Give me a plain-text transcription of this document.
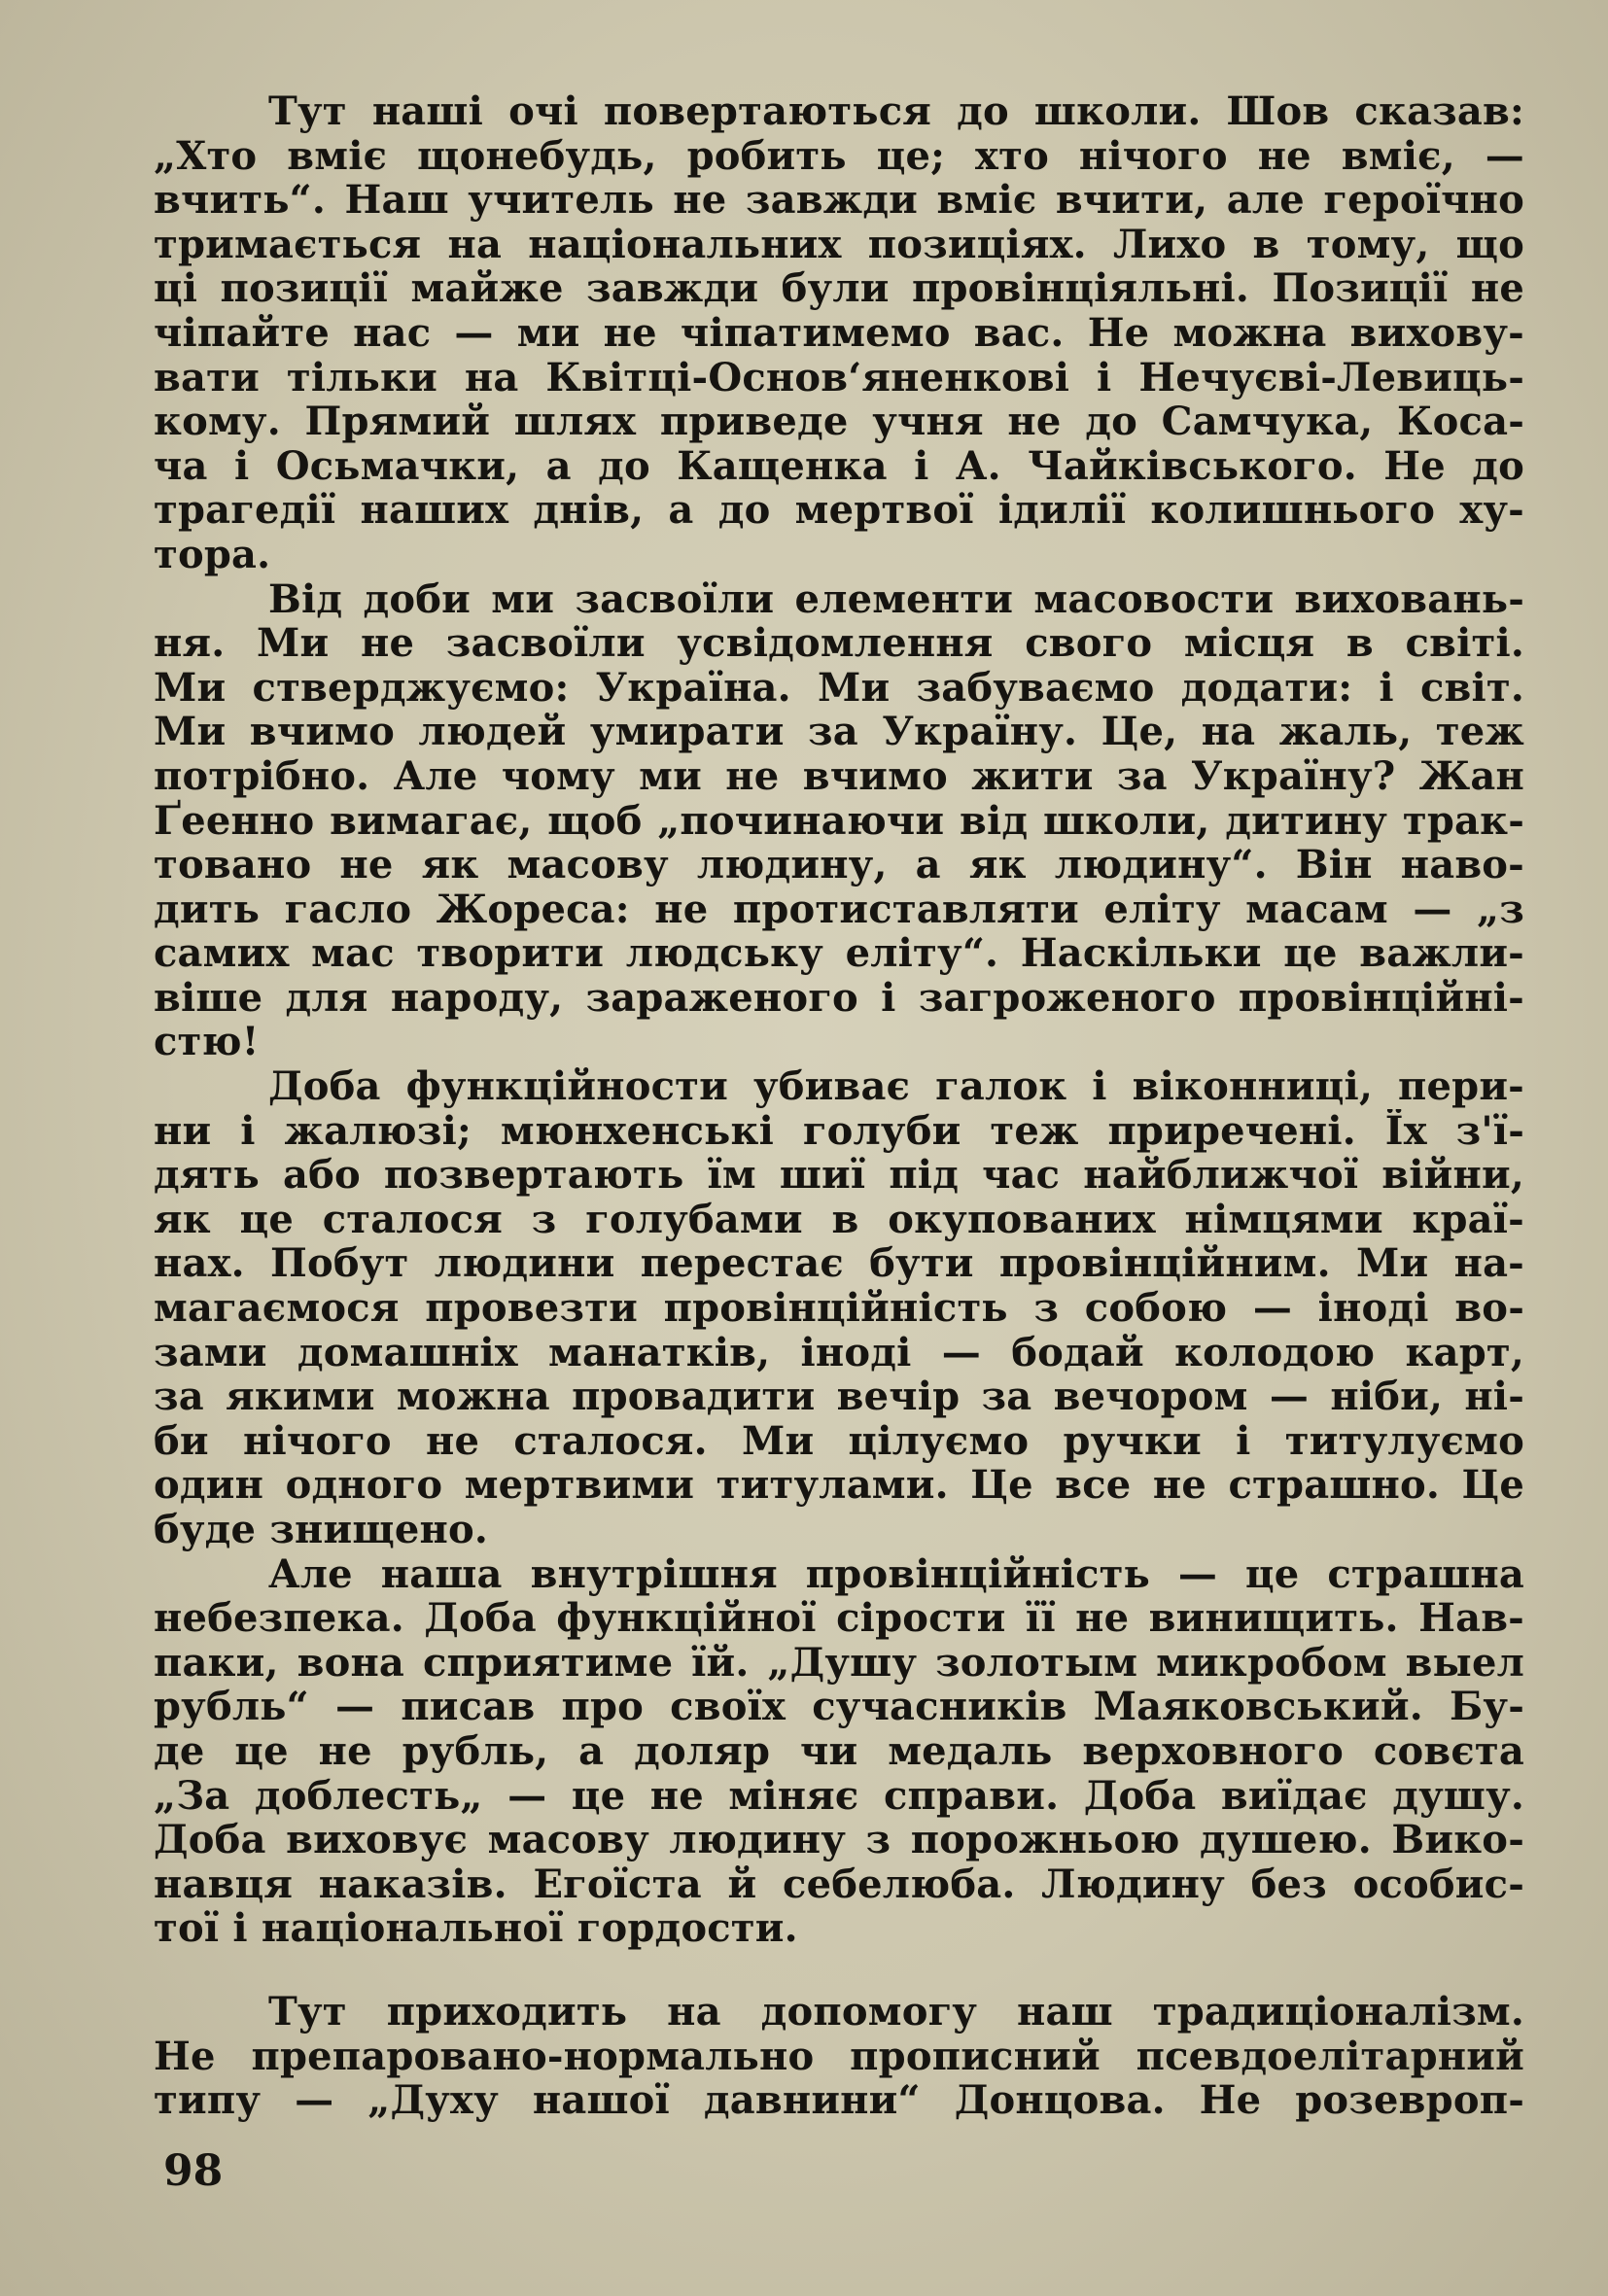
Тут наші очі повертаються до школи. Шов сказав:
„Хто вміє щонебудь, робить це; хто нічого не вміє, —
вчить“. Наш учитель не завжди вміє вчити, але героїчно
тримається на національних позиціях. Лихо в тому, що
ці позиції майже завжди були провінціяльні. Позиції не
чіпайте нас — ми не чіпатимемо вас. Не можна вихову-
вати тільки на Квітці-Основ‘яненкові і Нечуєві-Левиць-
кому. Прямий шлях приведе учня не до Самчука, Коса-
ча і Осьмачки, а до Кащенка і А. Чайківського. Не до
трагедії наших днів, а до мертвої ідилії колишнього ху-
тора.
Від доби ми засвоїли елементи масовости виховань-
ня. Ми не засвоїли усвідомлення свого місця в світі.
Ми стверджуємо: Україна. Ми забуваємо додати: і світ.
Ми вчимо людей умирати за Україну. Це, на жаль, теж
потрібно. Але чому ми не вчимо жити за Україну? Жан
Ґеенно вимагає, щоб „починаючи від школи, дитину трак-
товано не як масову людину, а як людину“. Він наво-
дить гасло Жореса: не протиставляти еліту масам — „з
самих мас творити людську еліту“. Наскільки це важли-
віше для народу, зараженого і загроженого провінційні-
стю!
Доба функційности убиває галок і віконниці, пери-
ни і жалюзі; мюнхенські голуби теж приречені. Їх з'ї-
дять або позвертають їм шиї під час найближчої війни,
як це сталося з голубами в окупованих німцями краї-
нах. Побут людини перестає бути провінційним. Ми на-
магаємося провезти провінційність з собою — іноді во-
зами домашніх манатків, іноді — бодай колодою карт,
за якими можна провадити вечір за вечором — ніби, ні-
би нічого не сталося. Ми цілуємо ручки і титулуємо
один одного мертвими титулами. Це все не страшно. Це
буде знищено.
Але наша внутрішня провінційність — це страшна
небезпека. Доба функційної сірости її не винищить. Нав-
паки, вона сприятиме їй. „Душу золотым микробом выел
рубль“ — писав про своїх сучасників Маяковський. Бу-
де це не рубль, а доляр чи медаль верховного совєта
„За доблесть„ — це не міняє справи. Доба виїдає душу.
Доба виховує масову людину з порожньою душею. Вико-
навця наказів. Егоїста й себелюба. Людину без особис-
тої і національної гордости.
Тут приходить на допомогу наш традиціоналізм.
Не препаровано-нормально прописний псевдоелітарний
типу — „Духу нашої давнини“ Донцова. Не розевроп-
98
